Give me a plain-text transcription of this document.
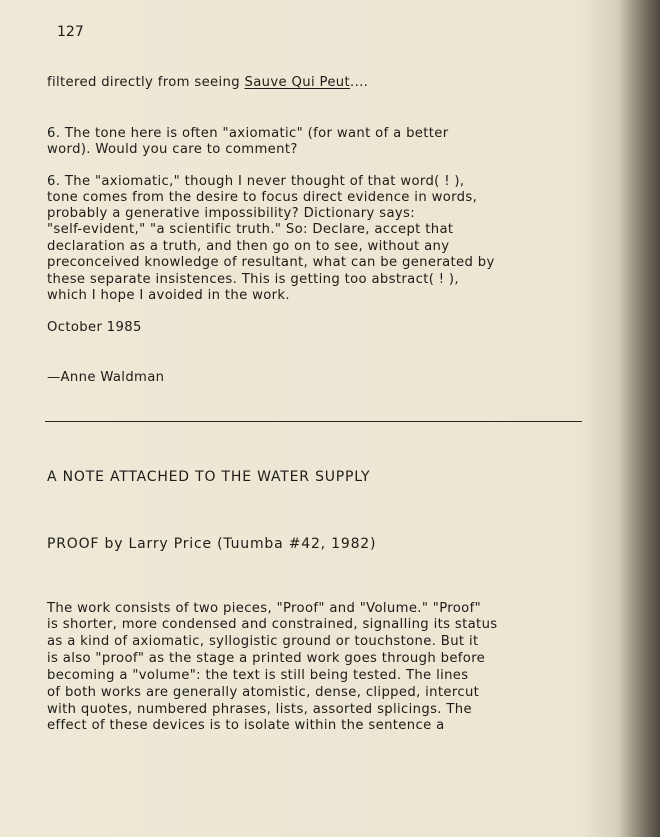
127
filtered directly from seeing Sauve Qui Peut....
6. The tone here is often "axiomatic" (for want of a better
word). Would you care to comment?
6. The "axiomatic," though I never thought of that word( ! ),
tone comes from the desire to focus direct evidence in words,
probably a generative impossibility? Dictionary says:
"self-evident," "a scientific truth." So: Declare, accept that
declaration as a truth, and then go on to see, without any
preconceived knowledge of resultant, what can be generated by
these separate insistences. This is getting too abstract( ! ),
which I hope I avoided in the work.
October 1985
—Anne Waldman
A NOTE ATTACHED TO THE WATER SUPPLY
PROOF by Larry Price (Tuumba #42, 1982)
The work consists of two pieces, "Proof" and "Volume." "Proof"
is shorter, more condensed and constrained, signalling its status
as a kind of axiomatic, syllogistic ground or touchstone. But it
is also "proof" as the stage a printed work goes through before
becoming a "volume": the text is still being tested. The lines
of both works are generally atomistic, dense, clipped, intercut
with quotes, numbered phrases, lists, assorted splicings. The
effect of these devices is to isolate within the sentence a
